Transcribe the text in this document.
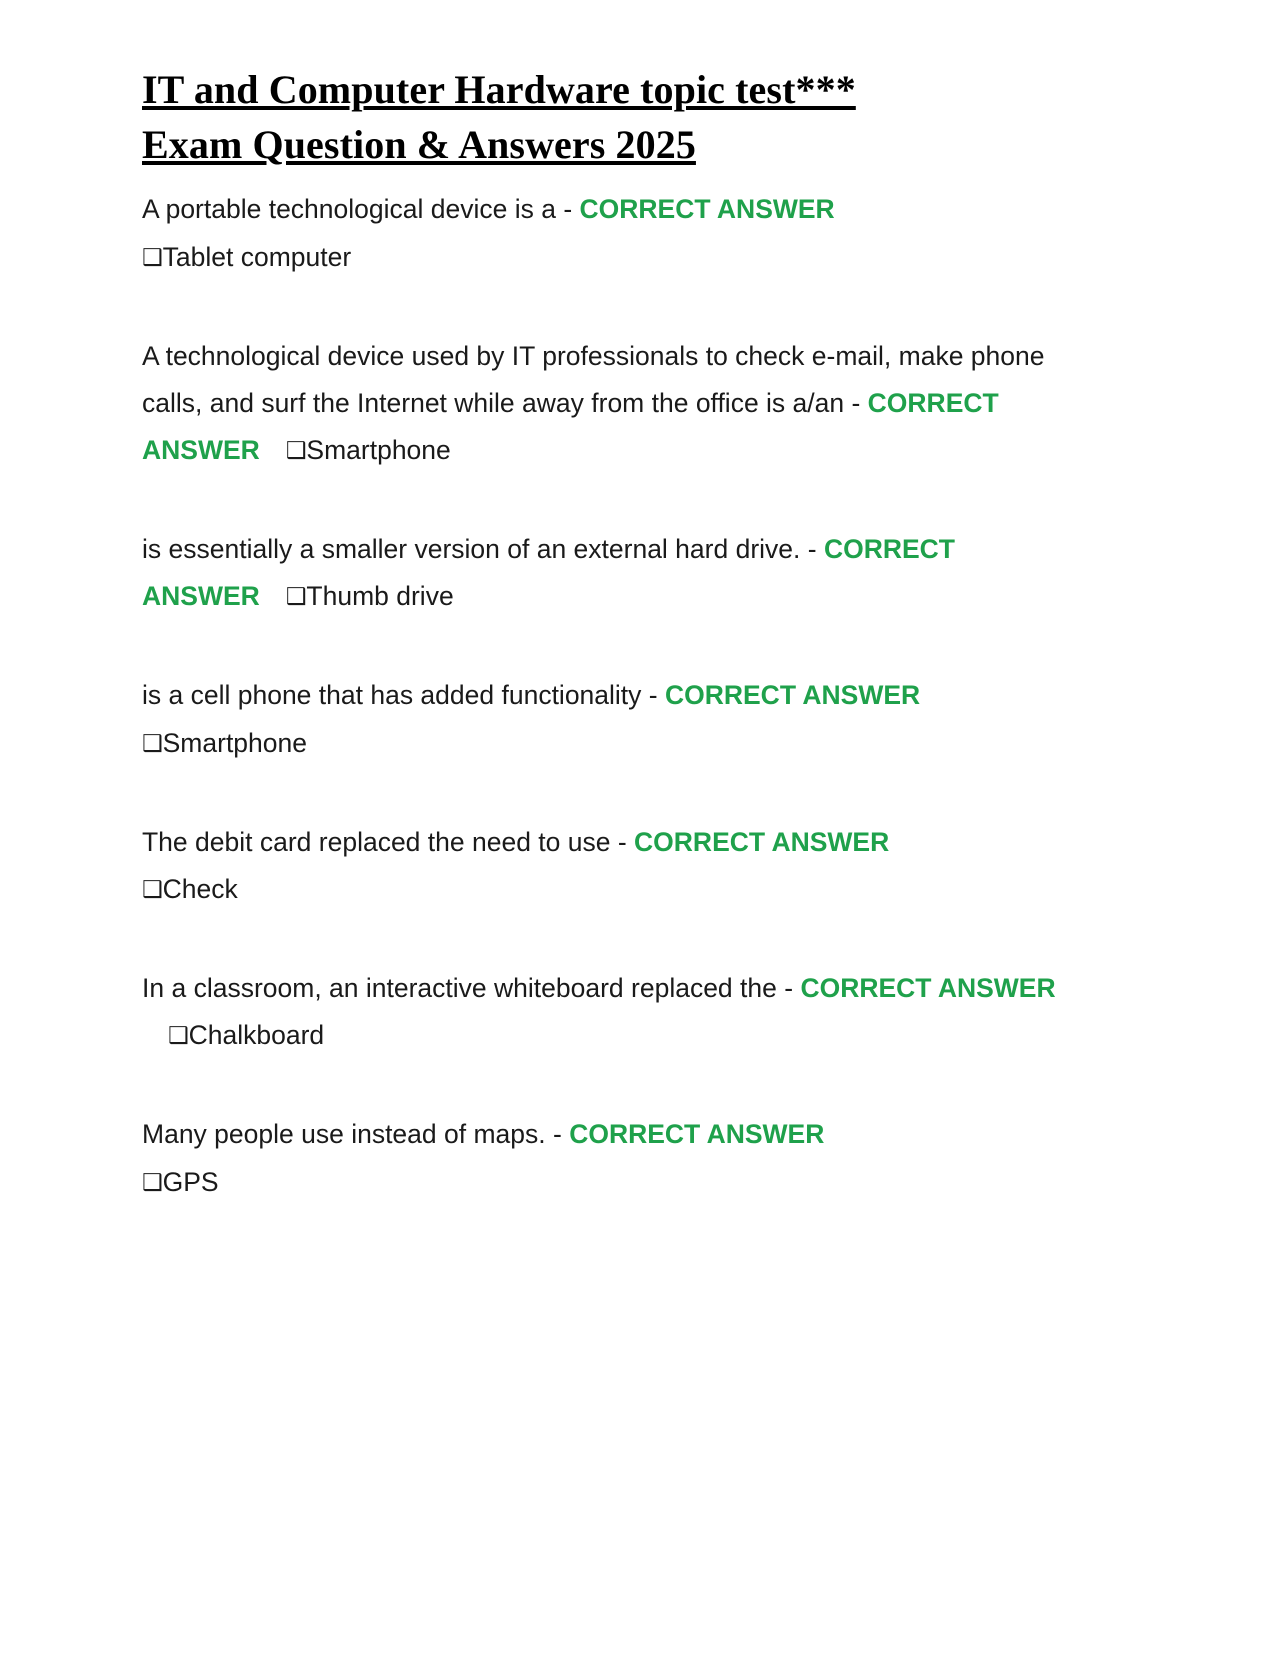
IT and Computer Hardware topic test***
Exam Question & Answers 2025

A portable technological device is a - CORRECT ANSWER
❑Tablet computer

A technological device used by IT professionals to check e-mail, make phone calls, and surf the Internet while away from the office is a/an - CORRECT ANSWER ❑Smartphone

is essentially a smaller version of an external hard drive. - CORRECT ANSWER ❑Thumb drive

is a cell phone that has added functionality - CORRECT ANSWER ❑Smartphone

The debit card replaced the need to use - CORRECT ANSWER
❑Check

In a classroom, an interactive whiteboard replaced the - CORRECT ANSWER ❑Chalkboard

Many people use instead of maps. - CORRECT ANSWER
❑GPS
